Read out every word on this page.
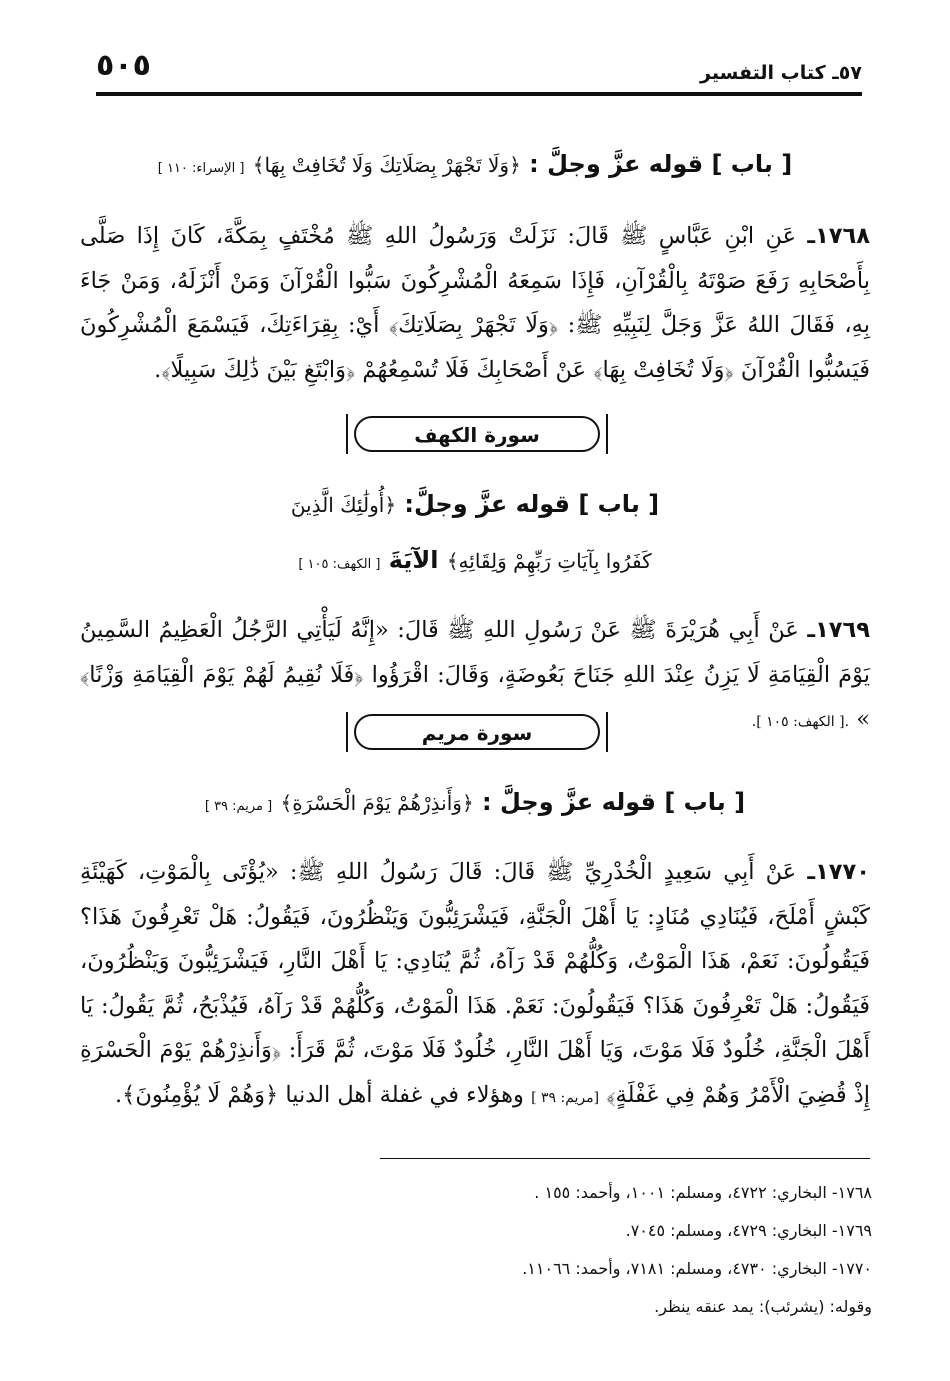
٥٠٥	٥٧ـ كتاب التفسير
[ باب ] قوله عزَّ وجلَّ : ﴿وَلَا تَجْهَرْ بِصَلَاتِكَ وَلَا تُخَافِتْ بِهَا﴾ [ الإسراء: ١١٠ ]
١٧٦٨ـ عَنِ ابْنِ عَبَّاسٍ ﷺ قَالَ: نَزَلَتْ وَرَسُولُ اللهِ ﷺ مُخْتَفٍ بِمَكَّةَ، كَانَ إِذَا صَلَّى بِأَصْحَابِهِ رَفَعَ صَوْتَهُ بِالْقُرْآنِ، فَإِذَا سَمِعَهُ الْمُشْرِكُونَ سَبُّوا الْقُرْآنَ وَمَنْ أَنْزَلَهُ، وَمَنْ جَاءَ بِهِ، فَقَالَ اللهُ عَزَّ وَجَلَّ لِنَبِيِّهِ ﷺ: ﴿وَلَا تَجْهَرْ بِصَلَاتِكَ﴾ أَيْ: بِقِرَاءَتِكَ، فَيَسْمَعَ الْمُشْرِكُونَ فَيَسُبُّوا الْقُرْآنَ ﴿وَلَا تُخَافِتْ بِهَا﴾ عَنْ أَصْحَابِكَ فَلَا تُسْمِعُهُمْ ﴿وَابْتَغِ بَيْنَ ذَٰلِكَ سَبِيلًا﴾.
سورة الكهف
[ باب ] قوله عزَّ وجلَّ: ﴿أُولَٰئِكَ الَّذِينَ
كَفَرُوا بِآيَاتِ رَبِّهِمْ وَلِقَائِهِ﴾ الآيَةَ [ الكهف: ١٠٥ ]
١٧٦٩ـ عَنْ أَبِي هُرَيْرَةَ ﷺ عَنْ رَسُولِ اللهِ ﷺ قَالَ: «إِنَّهُ لَيَأْتِي الرَّجُلُ الْعَظِيمُ السَّمِينُ يَوْمَ الْقِيَامَةِ لَا يَزِنُ عِنْدَ اللهِ جَنَاحَ بَعُوضَةٍ، وَقَالَ: اقْرَؤُوا ﴿فَلَا نُقِيمُ لَهُمْ يَوْمَ الْقِيَامَةِ وَزْنًا﴾ » .[ الكهف: ١٠٥ ].
سورة مريم
[ باب ] قوله عزَّ وجلَّ : ﴿وَأَنذِرْهُمْ يَوْمَ الْحَسْرَةِ﴾ [ مريم: ٣٩ ]
١٧٧٠ـ عَنْ أَبِي سَعِيدٍ الْخُدْرِيِّ ﷺ قَالَ: قَالَ رَسُولُ اللهِ ﷺ: «يُؤْتَى بِالْمَوْتِ، كَهَيْئَةِ كَبْشٍ أَمْلَحَ، فَيُنَادِي مُنَادٍ: يَا أَهْلَ الْجَنَّةِ، فَيَشْرَئِبُّونَ وَيَنْظُرُونَ، فَيَقُولُ: هَلْ تَعْرِفُونَ هَذَا؟ فَيَقُولُونَ: نَعَمْ، هَذَا الْمَوْتُ، وَكُلُّهُمْ قَدْ رَآهُ، ثُمَّ يُنَادِي: يَا أَهْلَ النَّارِ، فَيَشْرَئِبُّونَ وَيَنْظُرُونَ، فَيَقُولُ: هَلْ تَعْرِفُونَ هَذَا؟ فَيَقُولُونَ: نَعَمْ. هَذَا الْمَوْتُ، وَكُلُّهُمْ قَدْ رَآهُ، فَيُذْبَحُ، ثُمَّ يَقُولُ: يَا أَهْلَ الْجَنَّةِ، خُلُودٌ فَلَا مَوْتَ، وَيَا أَهْلَ النَّارِ، خُلُودٌ فَلَا مَوْتَ، ثُمَّ قَرَأَ: ﴿وَأَنذِرْهُمْ يَوْمَ الْحَسْرَةِ إِذْ قُضِيَ الْأَمْرُ وَهُمْ فِي غَفْلَةٍ﴾ [مريم: ٣٩ ] وهؤلاء في غفلة أهل الدنيا ﴿وَهُمْ لَا يُؤْمِنُونَ﴾.
١٧٦٨- البخاري: ٤٧٢٢، ومسلم: ١٠٠١، وأحمد: ١٥٥ .
١٧٦٩- البخاري: ٤٧٢٩، ومسلم: ٧٠٤٥.
١٧٧٠- البخاري: ٤٧٣٠، ومسلم: ٧١٨١، وأحمد: ١١٠٦٦.
وقوله: (يشرئب): يمد عنقه ينظر.
